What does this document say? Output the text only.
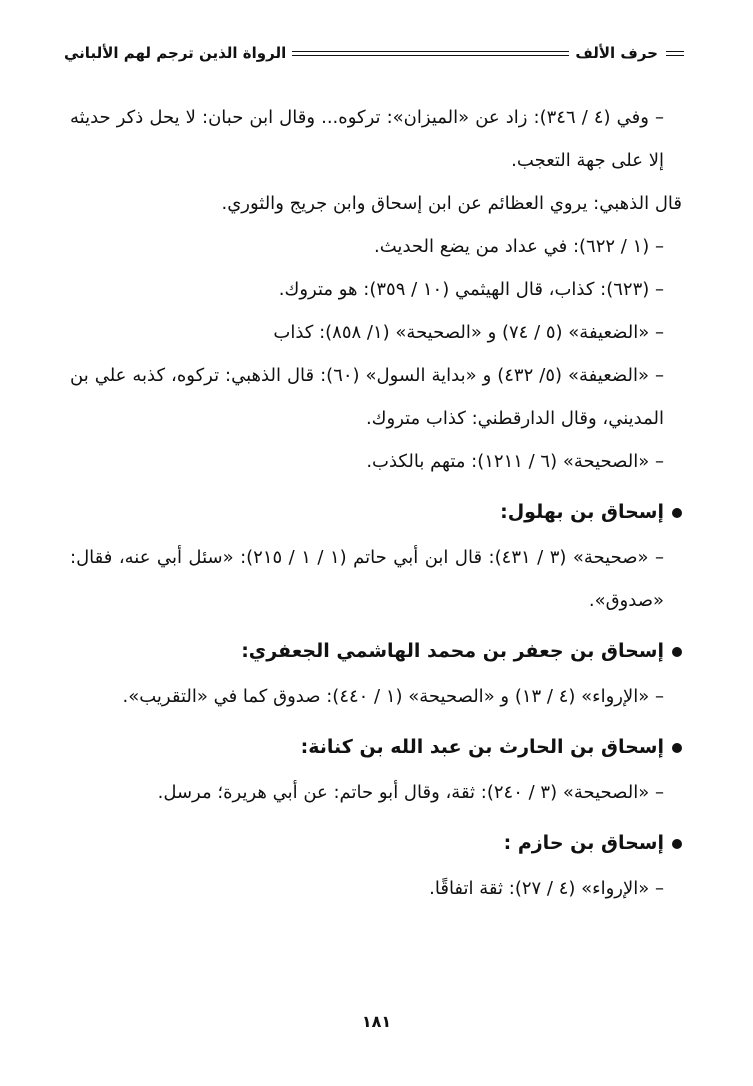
حرف الألف
الرواة الذين ترجم لهم الألباني

– وفي (٤ / ٣٤٦): زاد عن «الميزان»: تركوه... وقال ابن حبان: لا يحل ذكر حديثه إلا على جهة التعجب.

قال الذهبي: يروي العظائم عن ابن إسحاق وابن جريج والثوري.

– (١ / ٦٢٢): في عداد من يضع الحديث.

– (٦٢٣): كذاب، قال الهيثمي (١٠ / ٣٥٩): هو متروك.

– «الضعيفة» (٥ / ٧٤) و «الصحيحة» (١/ ٨٥٨): كذاب

– «الضعيفة» (٥/ ٤٣٢) و «بداية السول» (٦٠): قال الذهبي: تركوه، كذبه علي بن المديني، وقال الدارقطني: كذاب متروك.

– «الصحيحة» (٦ / ١٢١١): متهم بالكذب.

إسحاق بن بهلول:

– «صحيحة» (٣ / ٤٣١): قال ابن أبي حاتم (١ / ١ / ٢١٥): «سئل أبي عنه، فقال: «صدوق».

إسحاق بن جعفر بن محمد الهاشمي الجعفري:

– «الإرواء» (٤ / ١٣) و «الصحيحة» (١ / ٤٤٠): صدوق كما في «التقريب».

إسحاق بن الحارث بن عبد الله بن كنانة:

– «الصحيحة» (٣ / ٢٤٠): ثقة، وقال أبو حاتم: عن أبي هريرة؛ مرسل.

إسحاق بن حازم :

– «الإرواء» (٤ / ٢٧): ثقة اتفاقًا.

١٨١
